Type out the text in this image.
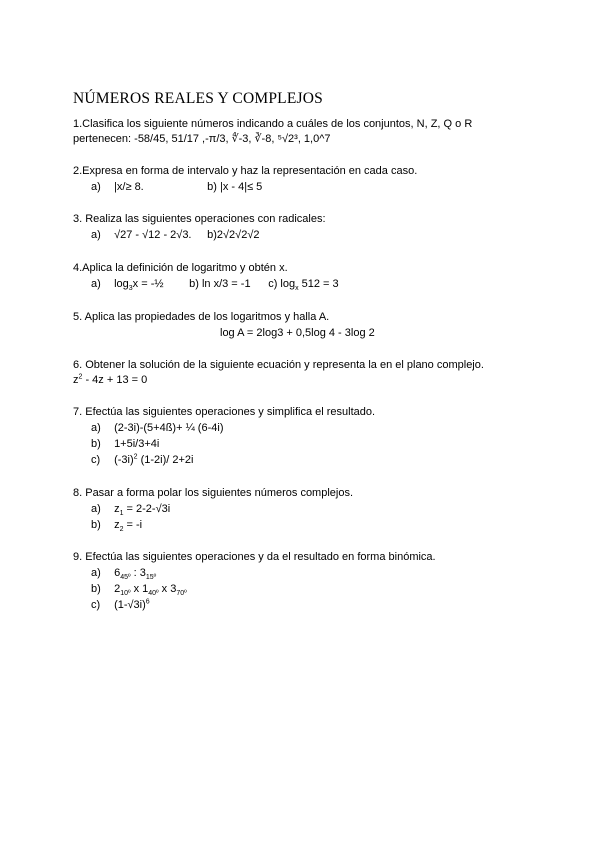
NÚMEROS REALES Y COMPLEJOS
1.Clasifica los siguiente números indicando a cuáles de los conjuntos, N, Z, Q o R
pertenecen: -58/45, 51/17 ,-π/3, ∜-3, ∛-8, ⁵√2³, 1,0^7
2.Expresa en forma de intervalo y haz la representación en cada caso.
a) |x/≥ 8.	b) |x - 4|≤ 5
3. Realiza las siguientes operaciones con radicales:
a) √27 - √12 - 2√3. b)2√2√2√2
4.Aplica la definición de logaritmo y obtén x.
a) $\log_3x$ = -½ b) ln x/3 = -1 c) $\log_x 512 = 3$
5. Aplica las propiedades de los logaritmos y halla A.
log A = 2log3 + 0,5log 4 - 3log 2
6. Obtener la solución de la siguiente ecuación y representa la en el plano complejo.
$z^2 - 4z + 13 = 0$
7. Efectúa las siguientes operaciones y simplifica el resultado.
a) (2-3i)-(5+4ß)+ ¼ (6-4i)
b) 1+5i/3+4i
c) $(-3i)^2$ (1-2i)/ 2+2i
8. Pasar a forma polar los siguientes números complejos.
a) $z_1 = 2-2-√3i$
b) $z_2 = -i$
9. Efectúa las siguientes operaciones y da el resultado en forma binómica.
a) $6_{45º}$ : $3_{15º}$
b) $2_{10º}$ x $1_{40º}$ x $3_{70º}$
c) $(1-√3i)^6$
